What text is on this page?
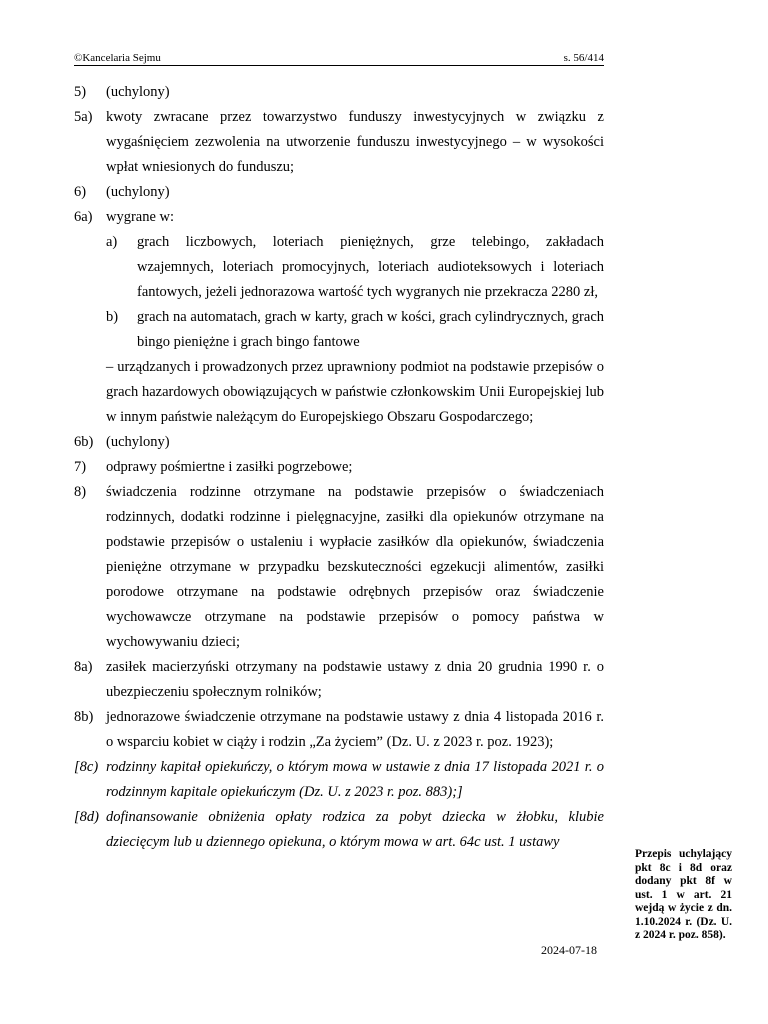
©Kancelaria Sejmu	s. 56/414
5) (uchylony)
5a) kwoty zwracane przez towarzystwo funduszy inwestycyjnych w związku z wygaśnięciem zezwolenia na utworzenie funduszu inwestycyjnego – w wysokości wpłat wniesionych do funduszu;
6) (uchylony)
6a) wygrane w:
a) grach liczbowych, loteriach pieniężnych, grze telebingo, zakładach wzajemnych, loteriach promocyjnych, loteriach audioteksowych i loteriach fantowych, jeżeli jednorazowa wartość tych wygranych nie przekracza 2280 zł,
b) grach na automatach, grach w karty, grach w kości, grach cylindrycznych, grach bingo pieniężne i grach bingo fantowe
– urządzanych i prowadzonych przez uprawniony podmiot na podstawie przepisów o grach hazardowych obowiązujących w państwie członkowskim Unii Europejskiej lub w innym państwie należącym do Europejskiego Obszaru Gospodarczego;
6b) (uchylony)
7) odprawy pośmiertne i zasiłki pogrzebowe;
8) świadczenia rodzinne otrzymane na podstawie przepisów o świadczeniach rodzinnych, dodatki rodzinne i pielęgnacyjne, zasiłki dla opiekunów otrzymane na podstawie przepisów o ustaleniu i wypłacie zasiłków dla opiekunów, świadczenia pieniężne otrzymane w przypadku bezskuteczności egzekucji alimentów, zasiłki porodowe otrzymane na podstawie odrębnych przepisów oraz świadczenie wychowawcze otrzymane na podstawie przepisów o pomocy państwa w wychowywaniu dzieci;
8a) zasiłek macierzyński otrzymany na podstawie ustawy z dnia 20 grudnia 1990 r. o ubezpieczeniu społecznym rolników;
8b) jednorazowe świadczenie otrzymane na podstawie ustawy z dnia 4 listopada 2016 r. o wsparciu kobiet w ciąży i rodzin „Za życiem” (Dz. U. z 2023 r. poz. 1923);
[8c) rodzinny kapitał opiekuńczy, o którym mowa w ustawie z dnia 17 listopada 2021 r. o rodzinnym kapitale opiekuńczym (Dz. U. z 2023 r. poz. 883);]
[8d) dofinansowanie obniżenia opłaty rodzica za pobyt dziecka w żłobku, klubie dziecięcym lub u dziennego opiekuna, o którym mowa w art. 64c ust. 1 ustawy
Przepis uchylający pkt 8c i 8d oraz dodany pkt 8f w ust. 1 w art. 21 wejdą w życie z dn. 1.10.2024 r. (Dz. U. z 2024 r. poz. 858).
2024-07-18
